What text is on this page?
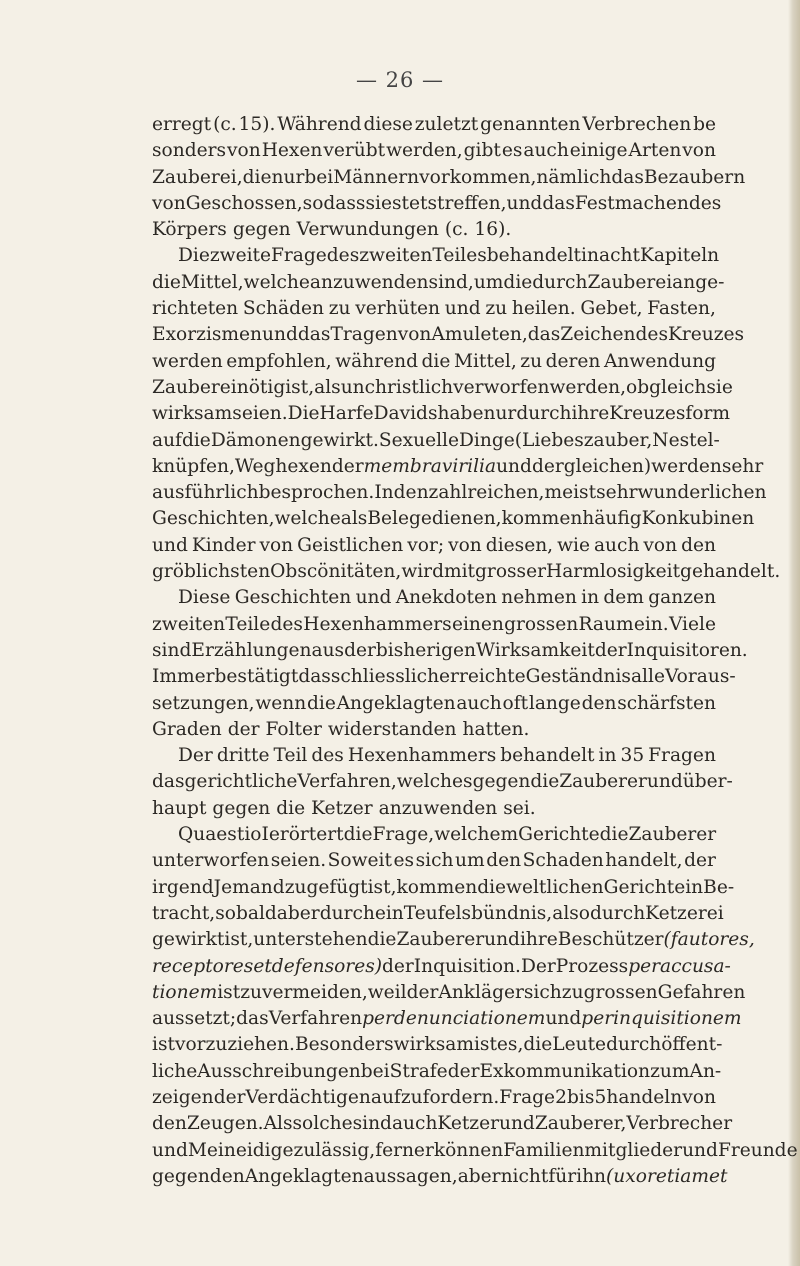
— 26 —
erregt (c. 15). Während diese zuletzt genannten Verbrechen be
sonders von Hexen verübt werden, gibt es auch einige Arten von
Zauberei, die nur bei Männern vorkommen, nämlich das Bezaubern
von Geschossen, sodass sie stets treffen, und das Festmachen des
Körpers gegen Verwundungen (c. 16).
Die zweite Frage des zweiten Teiles behandelt in acht Kapiteln
die Mittel, welche anzuwenden sind, um die durch Zauberei ange-
richteten Schäden zu verhüten und zu heilen. Gebet, Fasten,
Exorzismen und das Tragen von Amuleten, das Zeichen des Kreuzes
werden empfohlen, während die Mittel, zu deren Anwendung
Zauberei nötig ist, als unchristlich verworfen werden, obgleich sie
wirksam seien. Die Harfe Davids habe nur durch ihre Kreuzesform
auf die Dämonen gewirkt. Sexuelle Dinge (Liebeszauber, Nestel-
knüpfen, Weghexen der membra virilia und dergleichen) werden sehr
ausführlich besprochen. In den zahlreichen, meist sehr wunderlichen
Geschichten, welche als Belege dienen, kommen häufig Konkubinen
und Kinder von Geistlichen vor; von diesen, wie auch von den
gröblichsten Obscönitäten, wird mit grosser Harmlosigkeit gehandelt.
Diese Geschichten und Anekdoten nehmen in dem ganzen
zweiten Teile des Hexenhammers einen grossen Raum ein. Viele
sind Erzählungen aus der bisherigen Wirksamkeit der Inquisitoren.
Immer bestätigt das schliesslich erreichte Geständnis alle Voraus-
setzungen, wenn die Angeklagten auch oft lange den schärfsten
Graden der Folter widerstanden hatten.
Der dritte Teil des Hexenhammers behandelt in 35 Fragen
das gerichtliche Verfahren, welches gegen die Zauberer und über-
haupt gegen die Ketzer anzuwenden sei.
Quaestio I erörtert die Frage, welchem Gerichte die Zauberer
unterworfen seien. Soweit es sich um den Schaden handelt, der
irgend Jemand zugefügt ist, kommen die weltlichen Gerichte in Be-
tracht, sobald aber durch ein Teufelsbündnis, also durch Ketzerei
gewirkt ist, unterstehen die Zauberer und ihre Beschützer (fautores,
receptores et defensores) der Inquisition. Der Prozess per accusa-
tionem ist zu vermeiden, weil der Ankläger sich zu grossen Gefahren
aussetzt; das Verfahren per denunciationem und per inquisitionem
ist vorzuziehen. Besonders wirksam ist es, die Leute durch öffent-
liche Ausschreibungen bei Strafe der Exkommunikation zum An-
zeigen der Verdächtigen aufzufordern. Frage 2 bis 5 handeln von
den Zeugen. Als solche sind auch Ketzer und Zauberer, Verbrecher
und Meineidige zulässig, ferner können Familienmitglieder und Freunde
gegen den Angeklagten aussagen, aber nicht für ihn (uxor etiam et
